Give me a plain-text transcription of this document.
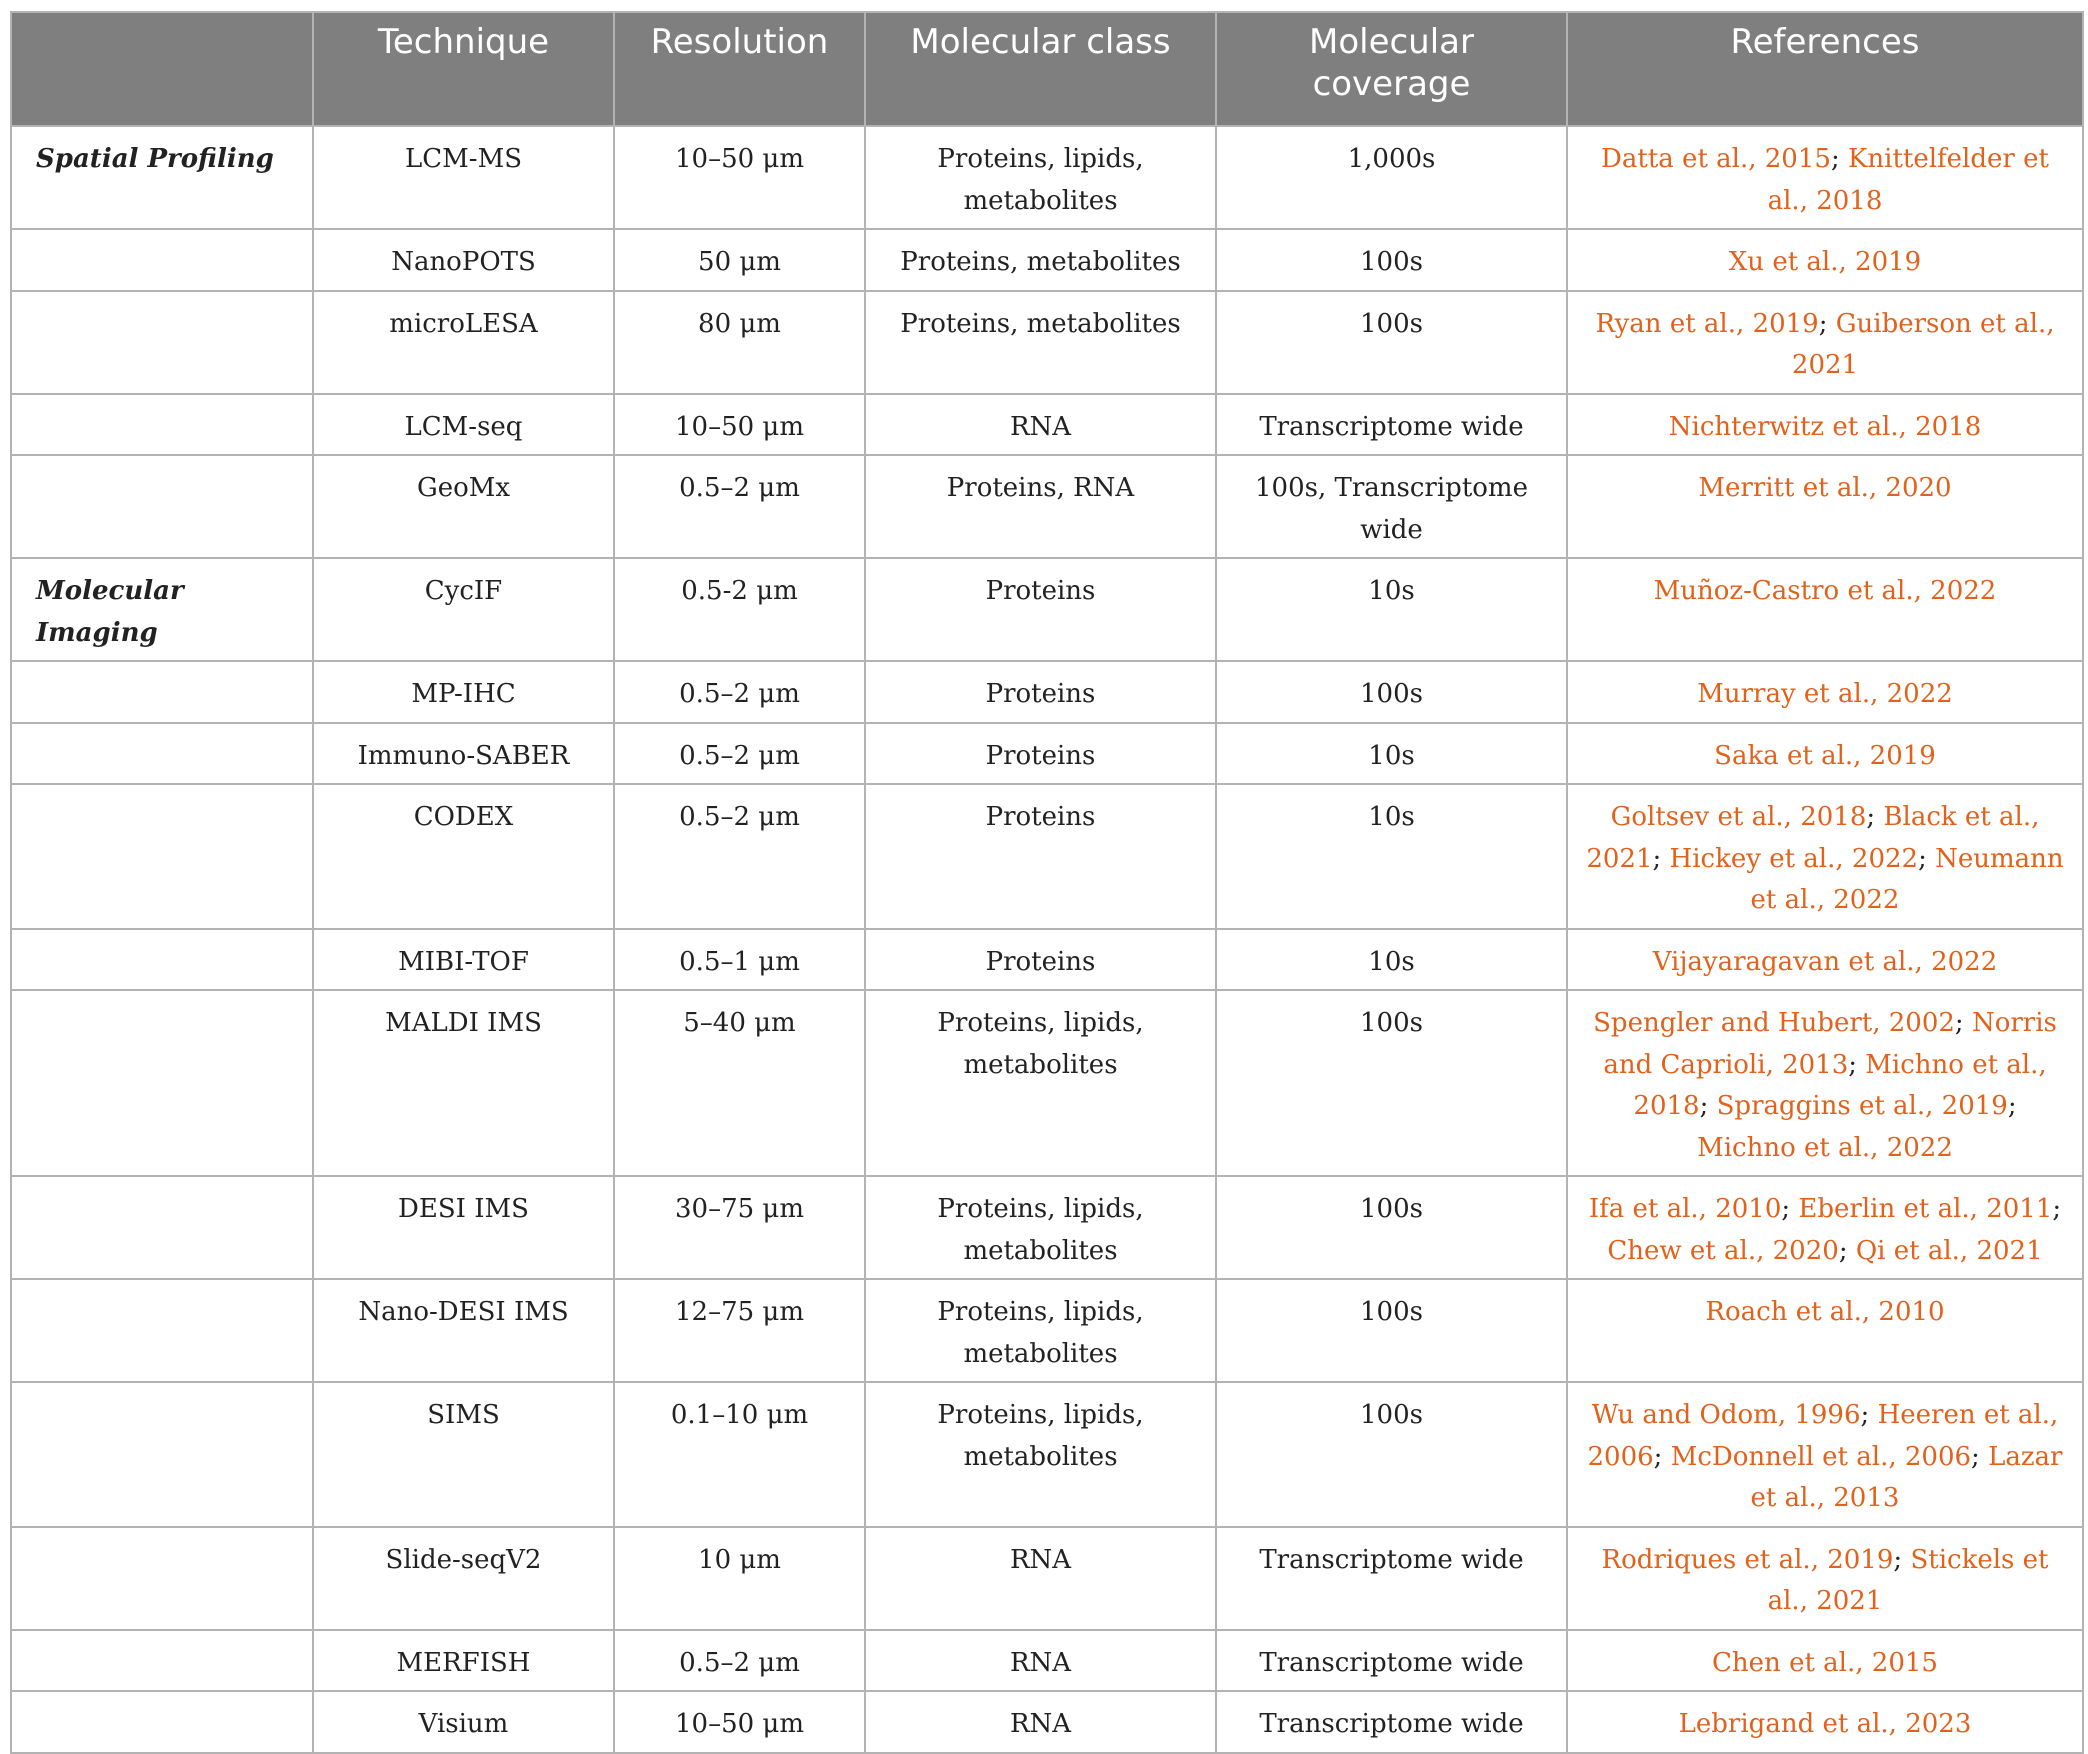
	Technique	Resolution	Molecular class	Molecular coverage	References
Spatial Profiling	LCM-MS	10–50 μm	Proteins, lipids, metabolites	1,000s	Datta et al., 2015; Knittelfelder et al., 2018
	NanoPOTS	50 μm	Proteins, metabolites	100s	Xu et al., 2019
	microLESA	80 μm	Proteins, metabolites	100s	Ryan et al., 2019; Guiberson et al., 2021
	LCM-seq	10–50 μm	RNA	Transcriptome wide	Nichterwitz et al., 2018
	GeoMx	0.5–2 μm	Proteins, RNA	100s, Transcriptome wide	Merritt et al., 2020
Molecular Imaging	CycIF	0.5-2 μm	Proteins	10s	Muñoz-Castro et al., 2022
	MP-IHC	0.5–2 μm	Proteins	100s	Murray et al., 2022
	Immuno-SABER	0.5–2 μm	Proteins	10s	Saka et al., 2019
	CODEX	0.5–2 μm	Proteins	10s	Goltsev et al., 2018; Black et al., 2021; Hickey et al., 2022; Neumann et al., 2022
	MIBI-TOF	0.5–1 μm	Proteins	10s	Vijayaragavan et al., 2022
	MALDI IMS	5–40 μm	Proteins, lipids, metabolites	100s	Spengler and Hubert, 2002; Norris and Caprioli, 2013; Michno et al., 2018; Spraggins et al., 2019; Michno et al., 2022
	DESI IMS	30–75 μm	Proteins, lipids, metabolites	100s	Ifa et al., 2010; Eberlin et al., 2011; Chew et al., 2020; Qi et al., 2021
	Nano-DESI IMS	12–75 μm	Proteins, lipids, metabolites	100s	Roach et al., 2010
	SIMS	0.1–10 μm	Proteins, lipids, metabolites	100s	Wu and Odom, 1996; Heeren et al., 2006; McDonnell et al., 2006; Lazar et al., 2013
	Slide-seqV2	10 μm	RNA	Transcriptome wide	Rodriques et al., 2019; Stickels et al., 2021
	MERFISH	0.5–2 μm	RNA	Transcriptome wide	Chen et al., 2015
	Visium	10–50 μm	RNA	Transcriptome wide	Lebrigand et al., 2023
